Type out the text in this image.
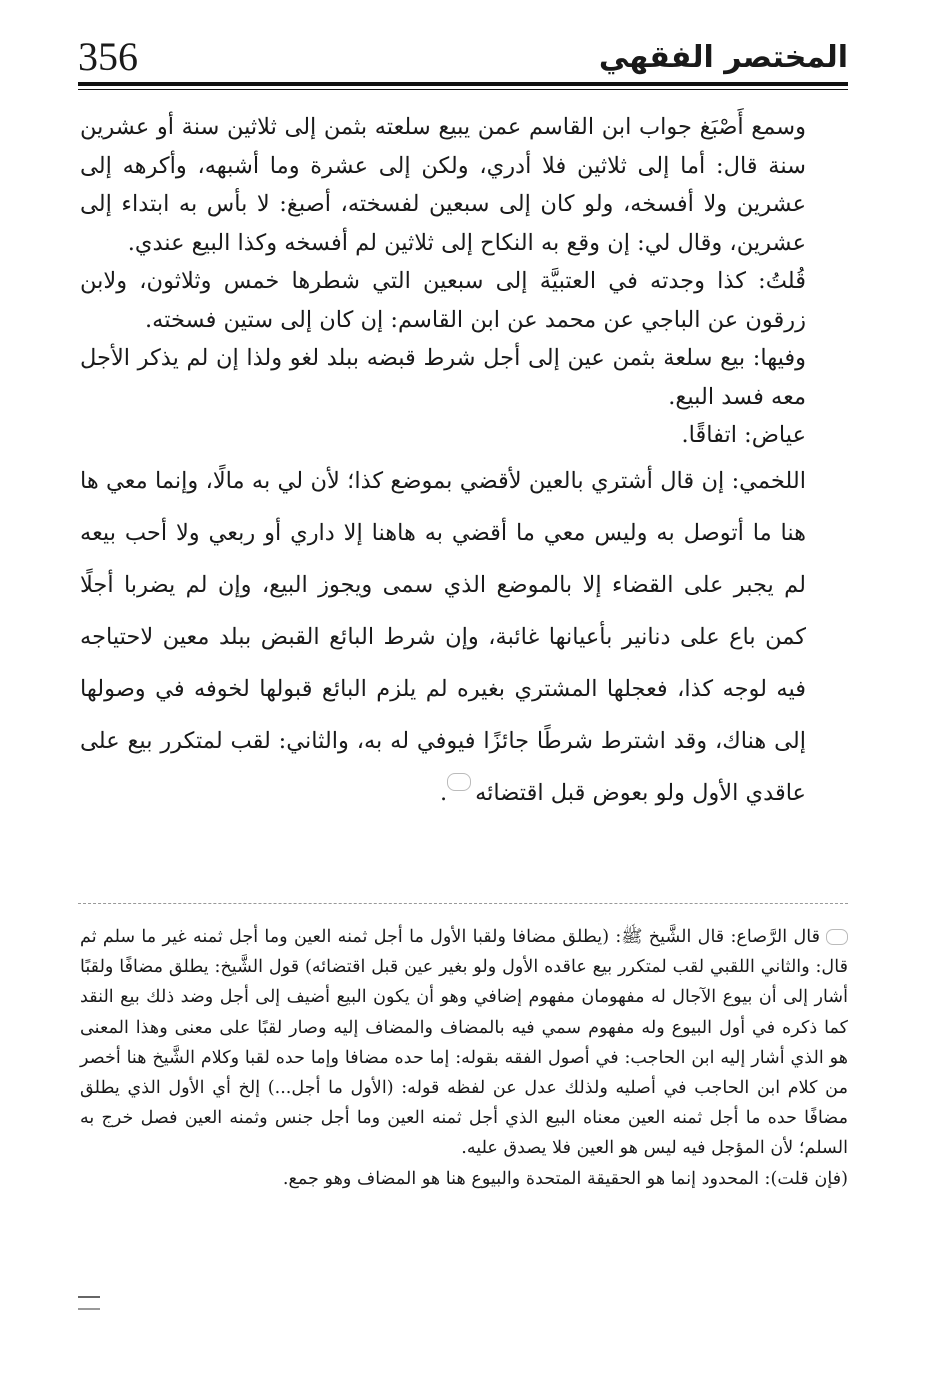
356	المختصر الفقهي

وسمع أَصْبَغ جواب ابن القاسم عمن يبيع سلعته بثمن إلى ثلاثين سنة أو عشرين سنة قال: أما إلى ثلاثين فلا أدري، ولكن إلى عشرة وما أشبهه، وأكرهه إلى عشرين ولا أفسخه، ولو كان إلى سبعين لفسخته، أصبغ: لا بأس به ابتداء إلى عشرين، وقال لي: إن وقع به النكاح إلى ثلاثين لم أفسخه وكذا البيع عندي.

قُلتُ: كذا وجدته في العتبيَّة إلى سبعين التي شطرها خمس وثلاثون، ولابن زرقون عن الباجي عن محمد عن ابن القاسم: إن كان إلى ستين فسخته.

وفيها: بيع سلعة بثمن عين إلى أجل شرط قبضه ببلد لغو ولذا إن لم يذكر الأجل معه فسد البيع.

عياض: اتفاقًا.

اللخمي: إن قال أشتري بالعين لأقضي بموضع كذا؛ لأن لي به مالًا، وإنما معي ها هنا ما أتوصل به وليس معي ما أقضي به هاهنا إلا داري أو ربعي ولا أحب بيعه لم يجبر على القضاء إلا بالموضع الذي سمى ويجوز البيع، وإن لم يضربا أجلًا كمن باع على دنانير بأعيانها غائبة، وإن شرط البائع القبض ببلد معين لاحتياجه فيه لوجه كذا، فعجلها المشتري بغيره لم يلزم البائع قبولها لخوفه في وصولها إلى هناك، وقد اشترط شرطًا جائزًا فيوفي له به، والثاني: لقب لمتكرر بيع على عاقدي الأول ولو بعوض قبل اقتضائه.

قال الرَّصاع: قال الشَّيخ ﷺ: (يطلق مضافا ولقبا الأول ما أجل ثمنه العين وما أجل ثمنه غير ما سلم ثم قال: والثاني اللقبي لقب لمتكرر بيع عاقده الأول ولو بغير عين قبل اقتضائه) قول الشَّيخ: يطلق مضافًا ولقبًا أشار إلى أن بيوع الآجال له مفهومان مفهوم إضافي وهو أن يكون البيع أضيف إلى أجل وضد ذلك بيع النقد كما ذكره في أول البيوع وله مفهوم سمي فيه بالمضاف والمضاف إليه وصار لقبًا على معنى وهذا المعنى هو الذي أشار إليه ابن الحاجب: في أصول الفقه بقوله: إما حده مضافا وإما حده لقبا وكلام الشَّيخ هنا أخصر من كلام ابن الحاجب في أصليه ولذلك عدل عن لفظه قوله: (الأول ما أجل...) إلخ أي الأول الذي يطلق مضافًا حده ما أجل ثمنه العين معناه البيع الذي أجل ثمنه العين وما أجل جنس وثمنه العين فصل خرج به السلم؛ لأن المؤجل فيه ليس هو العين فلا يصدق عليه.

(فإن قلت): المحدود إنما هو الحقيقة المتحدة والبيوع هنا هو المضاف وهو جمع.
